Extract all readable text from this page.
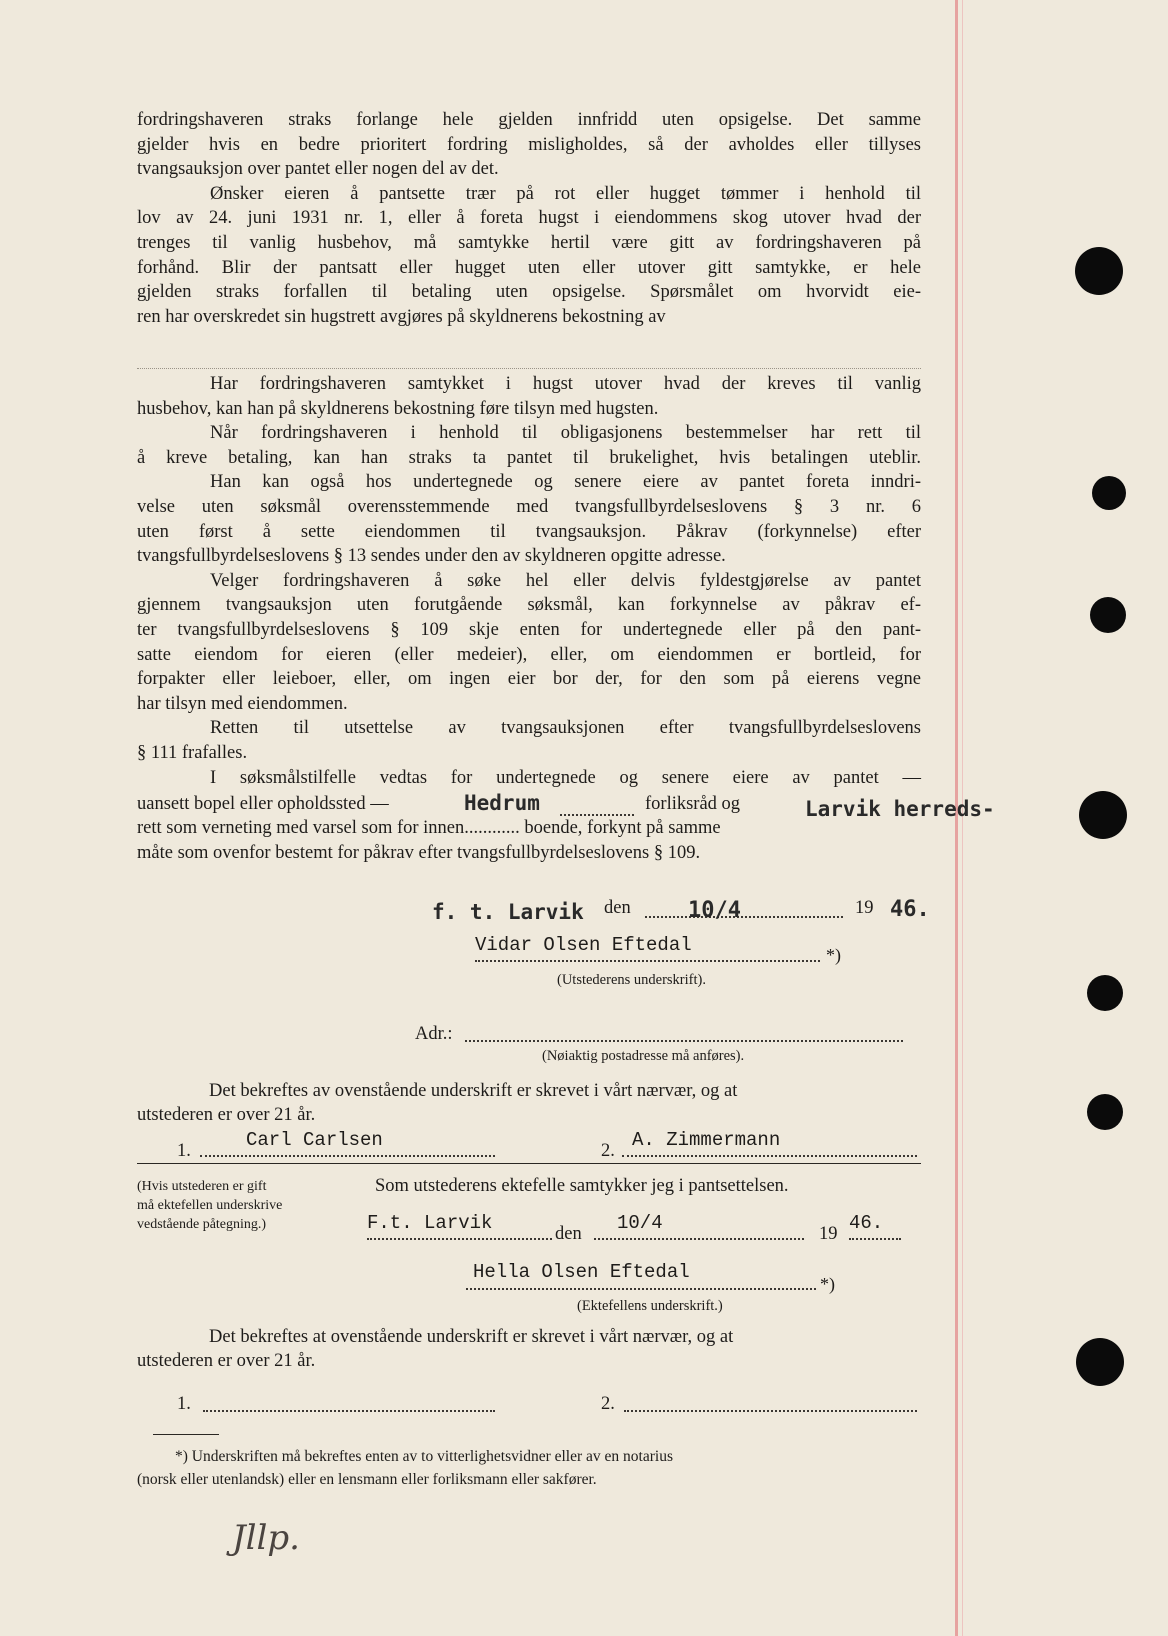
fordringshaveren straks forlange hele gjelden innfridd uten opsigelse. Det samme

gjelder hvis en bedre prioritert fordring misligholdes, så der avholdes eller tillyses

tvangsauksjon over pantet eller nogen del av det.

Ønsker eieren å pantsette trær på rot eller hugget tømmer i henhold til

lov av 24. juni 1931 nr. 1, eller å foreta hugst i eiendommens skog utover hvad der

trenges til vanlig husbehov, må samtykke hertil være gitt av fordringshaveren på

forhånd. Blir der pantsatt eller hugget uten eller utover gitt samtykke, er hele

gjelden straks forfallen til betaling uten opsigelse. Spørsmålet om hvorvidt eie-

ren har overskredet sin hugstrett avgjøres på skyldnerens bekostning av

Har fordringshaveren samtykket i hugst utover hvad der kreves til vanlig

husbehov, kan han på skyldnerens bekostning føre tilsyn med hugsten.

Når fordringshaveren i henhold til obligasjonens bestemmelser har rett til

å kreve betaling, kan han straks ta pantet til brukelighet, hvis betalingen uteblir.

Han kan også hos undertegnede og senere eiere av pantet foreta inndri-

velse uten søksmål overensstemmende med tvangsfullbyrdelseslovens § 3 nr. 6

uten først å sette eiendommen til tvangsauksjon. Påkrav (forkynnelse) efter

tvangsfullbyrdelseslovens § 13 sendes under den av skyldneren opgitte adresse.

Velger fordringshaveren å søke hel eller delvis fyldestgjørelse av pantet

gjennem tvangsauksjon uten forutgående søksmål, kan forkynnelse av påkrav ef-

ter tvangsfullbyrdelseslovens § 109 skje enten for undertegnede eller på den pant-

satte eiendom for eieren (eller medeier), eller, om eiendommen er bortleid, for

forpakter eller leieboer, eller, om ingen eier bor der, for den som på eierens vegne

har tilsyn med eiendommen.

Retten til utsettelse av tvangsauksjonen efter tvangsfullbyrdelseslovens

§ 111 frafalles.

I søksmålstilfelle vedtas for undertegnede og senere eiere av pantet —

uansett bopel eller opholdssted —	Hedrum	forliksråd og	Larvik herreds-
rett som verneting med varsel som for innen............ boende, forkynt på samme
måte som ovenfor bestemt for påkrav efter tvangsfullbyrdelseslovens § 109.
f. t. Larvik den	10/4	19 46.
Vidar Olsen Eftedal	*)
(Utstederens underskrift).
Adr.:
(Nøiaktig postadresse må anføres).
Det bekreftes av ovenstående underskrift er skrevet i vårt nærvær, og at
utstederen er over 21 år.
1.	Carl Carlsen	2. A. Zimmermann
(Hvis utstederen er gift
må ektefellen underskrive
vedstående påtegning.)
Som utstederens ektefelle samtykker jeg i pantsettelsen.
F.t. Larvik	den 10/4	19 46.
Hella Olsen Eftedal
*)
(Ektefellens underskrift.)
Det bekreftes at ovenstående underskrift er skrevet i vårt nærvær, og at
utstederen er over 21 år.
1.	2.
*) Underskriften må bekreftes enten av to vitterlighetsvidner eller av en notarius
(norsk eller utenlandsk) eller en lensmann eller forliksmann eller sakfører.
Jllp.
